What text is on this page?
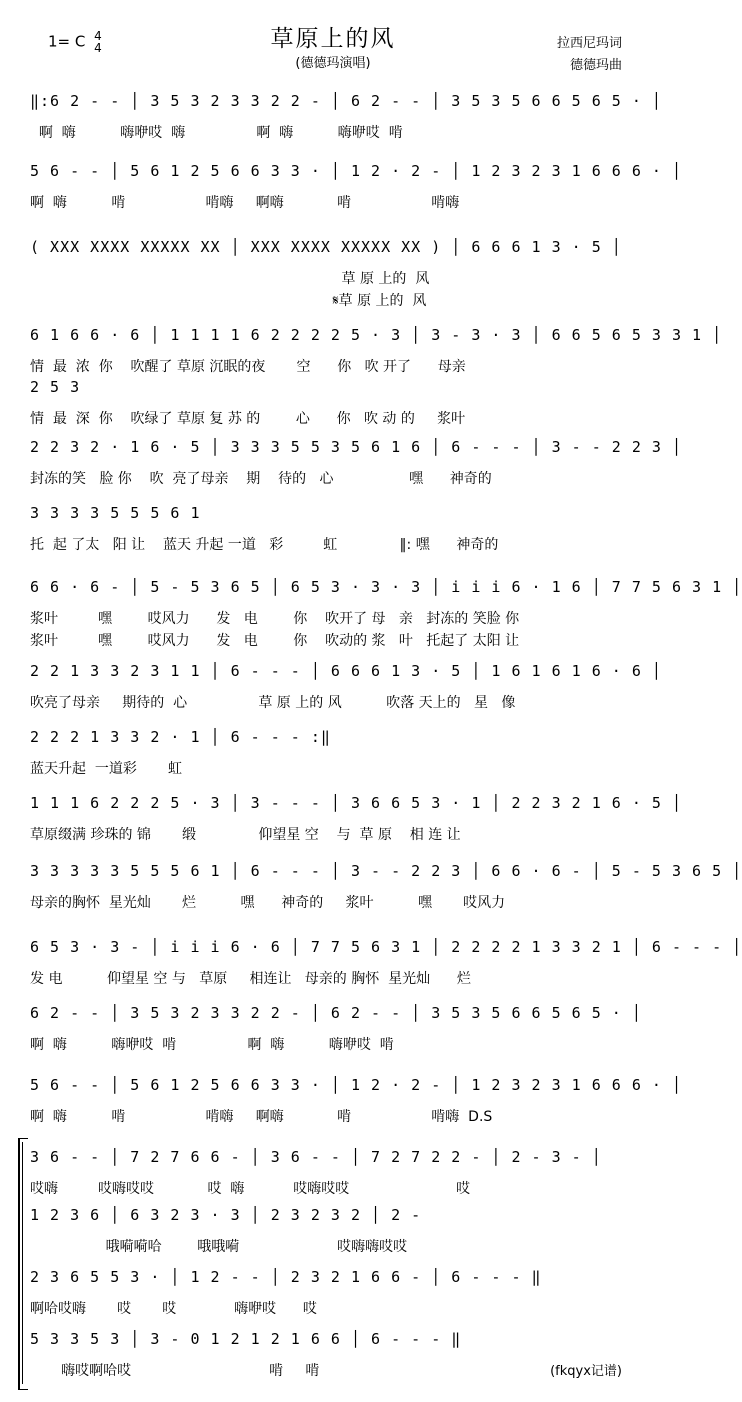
1= C 4
4	草原上的风
(德德玛演唱)
拉西尼玛词
德德玛曲
‖:6 2 - - │ 3 5 3 2 3 3 2 2 - │ 6 2 - - │ 3 5 3 5 6 6 5 6 5 · │
啊  嗨          嗨咿哎  嗨                啊  嗨          嗨咿哎  啃
5 6 - - │ 5 6 1 2 5 6 6 3 3 · │ 1 2 · 2 - │ 1 2 3 2 3 1 6 6 6 · │
啊  嗨          啃                  啃嗨     啊嗨            啃                  啃嗨
( XXX XXXX XXXXX XX │ XXX XXXX XXXXX XX ) │ 6 6 6 1 3 · 5 │
草 原 上的  风
𝄋草 原 上的  风
6 1 6 6 · 6 │ 1 1 1 1 6 2 2 2 2 5 · 3 │ 3 - 3 · 3 │ 6 6 5 6 5 3 3 1 │
情  最  浓  你    吹醒了 草原 沉眠的夜       空      你   吹 开了      母亲
2 5 3
情  最  深  你    吹绿了 草原 复 苏 的        心      你   吹 动 的     浆叶
2 2 3 2 · 1 6 · 5 │ 3 3 3 5 5 3 5 6 1 6 │ 6 - - - │ 3 - - 2 2 3 │
封冻的笑   脸 你    吹  亮了母亲    期    待的   心                 嘿      神奇的
3 3 3 3 5 5 5 6 1
托  起 了太   阳 让    蓝天 升起 一道   彩         虹              ‖: 嘿      神奇的
6 6 · 6 - │ 5 - 5 3 6 5 │ 6 5 3 · 3 · 3 │ i i i 6 · 1 6 │ 7 7 5 6 3 1 │
浆叶         嘿        哎风力      发   电        你    吹开了 母   亲   封冻的 笑脸 你
浆叶         嘿        哎风力      发   电        你    吹动的 浆   叶   托起了 太阳 让
2 2 1 3 3 2 3 1 1 │ 6 - - - │ 6 6 6 1 3 · 5 │ 1 6 1 6 1 6 · 6 │
吹亮了母亲     期待的  心                草 原 上的 风          吹落 天上的   星   像
2 2 2 1 3 3 2 · 1 │ 6 - - - :‖
蓝天升起  一道彩       虹
1 1 1 6 2 2 2 5 · 3 │ 3 - - - │ 3 6 6 5 3 · 1 │ 2 2 3 2 1 6 · 5 │
草原缀满 珍珠的 锦       缎              仰望星 空    与  草 原    相 连 让
3 3 3 3 3 5 5 5 6 1 │ 6 - - - │ 3 - - 2 2 3 │ 6 6 · 6 - │ 5 - 5 3 6 5 │
母亲的胸怀  星光灿       烂          嘿      神奇的     浆叶          嘿       哎风力
6 5 3 · 3 - │ i i i 6 · 6 │ 7 7 5 6 3 1 │ 2 2 2 2 1 3 3 2 1 │ 6 - - - │
发 电          仰望星 空 与   草原     相连让   母亲的 胸怀  星光灿      烂
6 2 - - │ 3 5 3 2 3 3 2 2 - │ 6 2 - - │ 3 5 3 5 6 6 5 6 5 · │
啊  嗨          嗨咿哎  啃                啊  嗨          嗨咿哎  啃
5 6 - - │ 5 6 1 2 5 6 6 3 3 · │ 1 2 · 2 - │ 1 2 3 2 3 1 6 6 6 · │
啊  嗨          啃                  啃嗨     啊嗨            啃                  啃嗨  D.S
3 6 - - │ 7 2 7 6 6 - │ 3 6 - - │ 7 2 7 2 2 - │ 2 - 3 - │
哎嗨         哎嗨哎哎            哎  嗨           哎嗨哎哎                        哎
1 2 3 6 │ 6 3 2 3 · 3 │ 2 3 2 3 2 │ 2 -
哦嗬嗬哈        哦哦嗬                      哎嗨嗨哎哎
2 3 6 5 5 3 · │ 1 2 - - │ 2 3 2 1 6 6 - │ 6 - - - ‖
啊哈哎嗨       哎       哎             嗨咿哎      哎
5 3 3 5 3 │ 3 - 0 1 2 1 2 1 6 6 │ 6 - - - ‖
嗨哎啊哈哎                               啃     啃	(fkqyx记谱)
